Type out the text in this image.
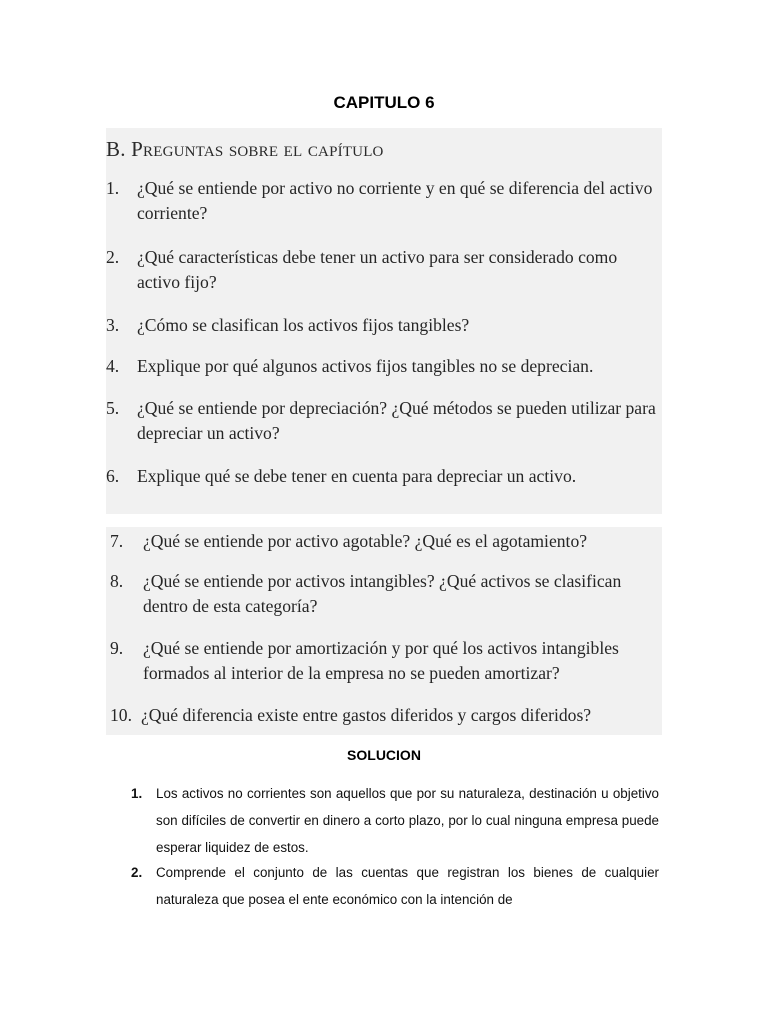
CAPITULO 6
B. Preguntas sobre el capítulo
1.	¿Qué se entiende por activo no corriente y en qué se diferencia del activo corriente?
2.	¿Qué características debe tener un activo para ser considerado como activo fijo?
3.	¿Cómo se clasifican los activos fijos tangibles?
4.	Explique por qué algunos activos fijos tangibles no se deprecian.
5.	¿Qué se entiende por depreciación? ¿Qué métodos se pueden utilizar para depreciar un activo?
6.	Explique qué se debe tener en cuenta para depreciar un activo.
7.	¿Qué se entiende por activo agotable? ¿Qué es el agotamiento?
8.	¿Qué se entiende por activos intangibles? ¿Qué activos se clasifican dentro de esta categoría?
9.	¿Qué se entiende por amortización y por qué los activos intangibles formados al interior de la empresa no se pueden amortizar?
10. ¿Qué diferencia existe entre gastos diferidos y cargos diferidos?
SOLUCION
1.	Los activos no corrientes son aquellos que por su naturaleza, destinación u objetivo son difíciles de convertir en dinero a corto plazo, por lo cual ninguna empresa puede esperar liquidez de estos.
2.	Comprende el conjunto de las cuentas que registran los bienes de cualquier naturaleza que posea el ente económico con la intención de
